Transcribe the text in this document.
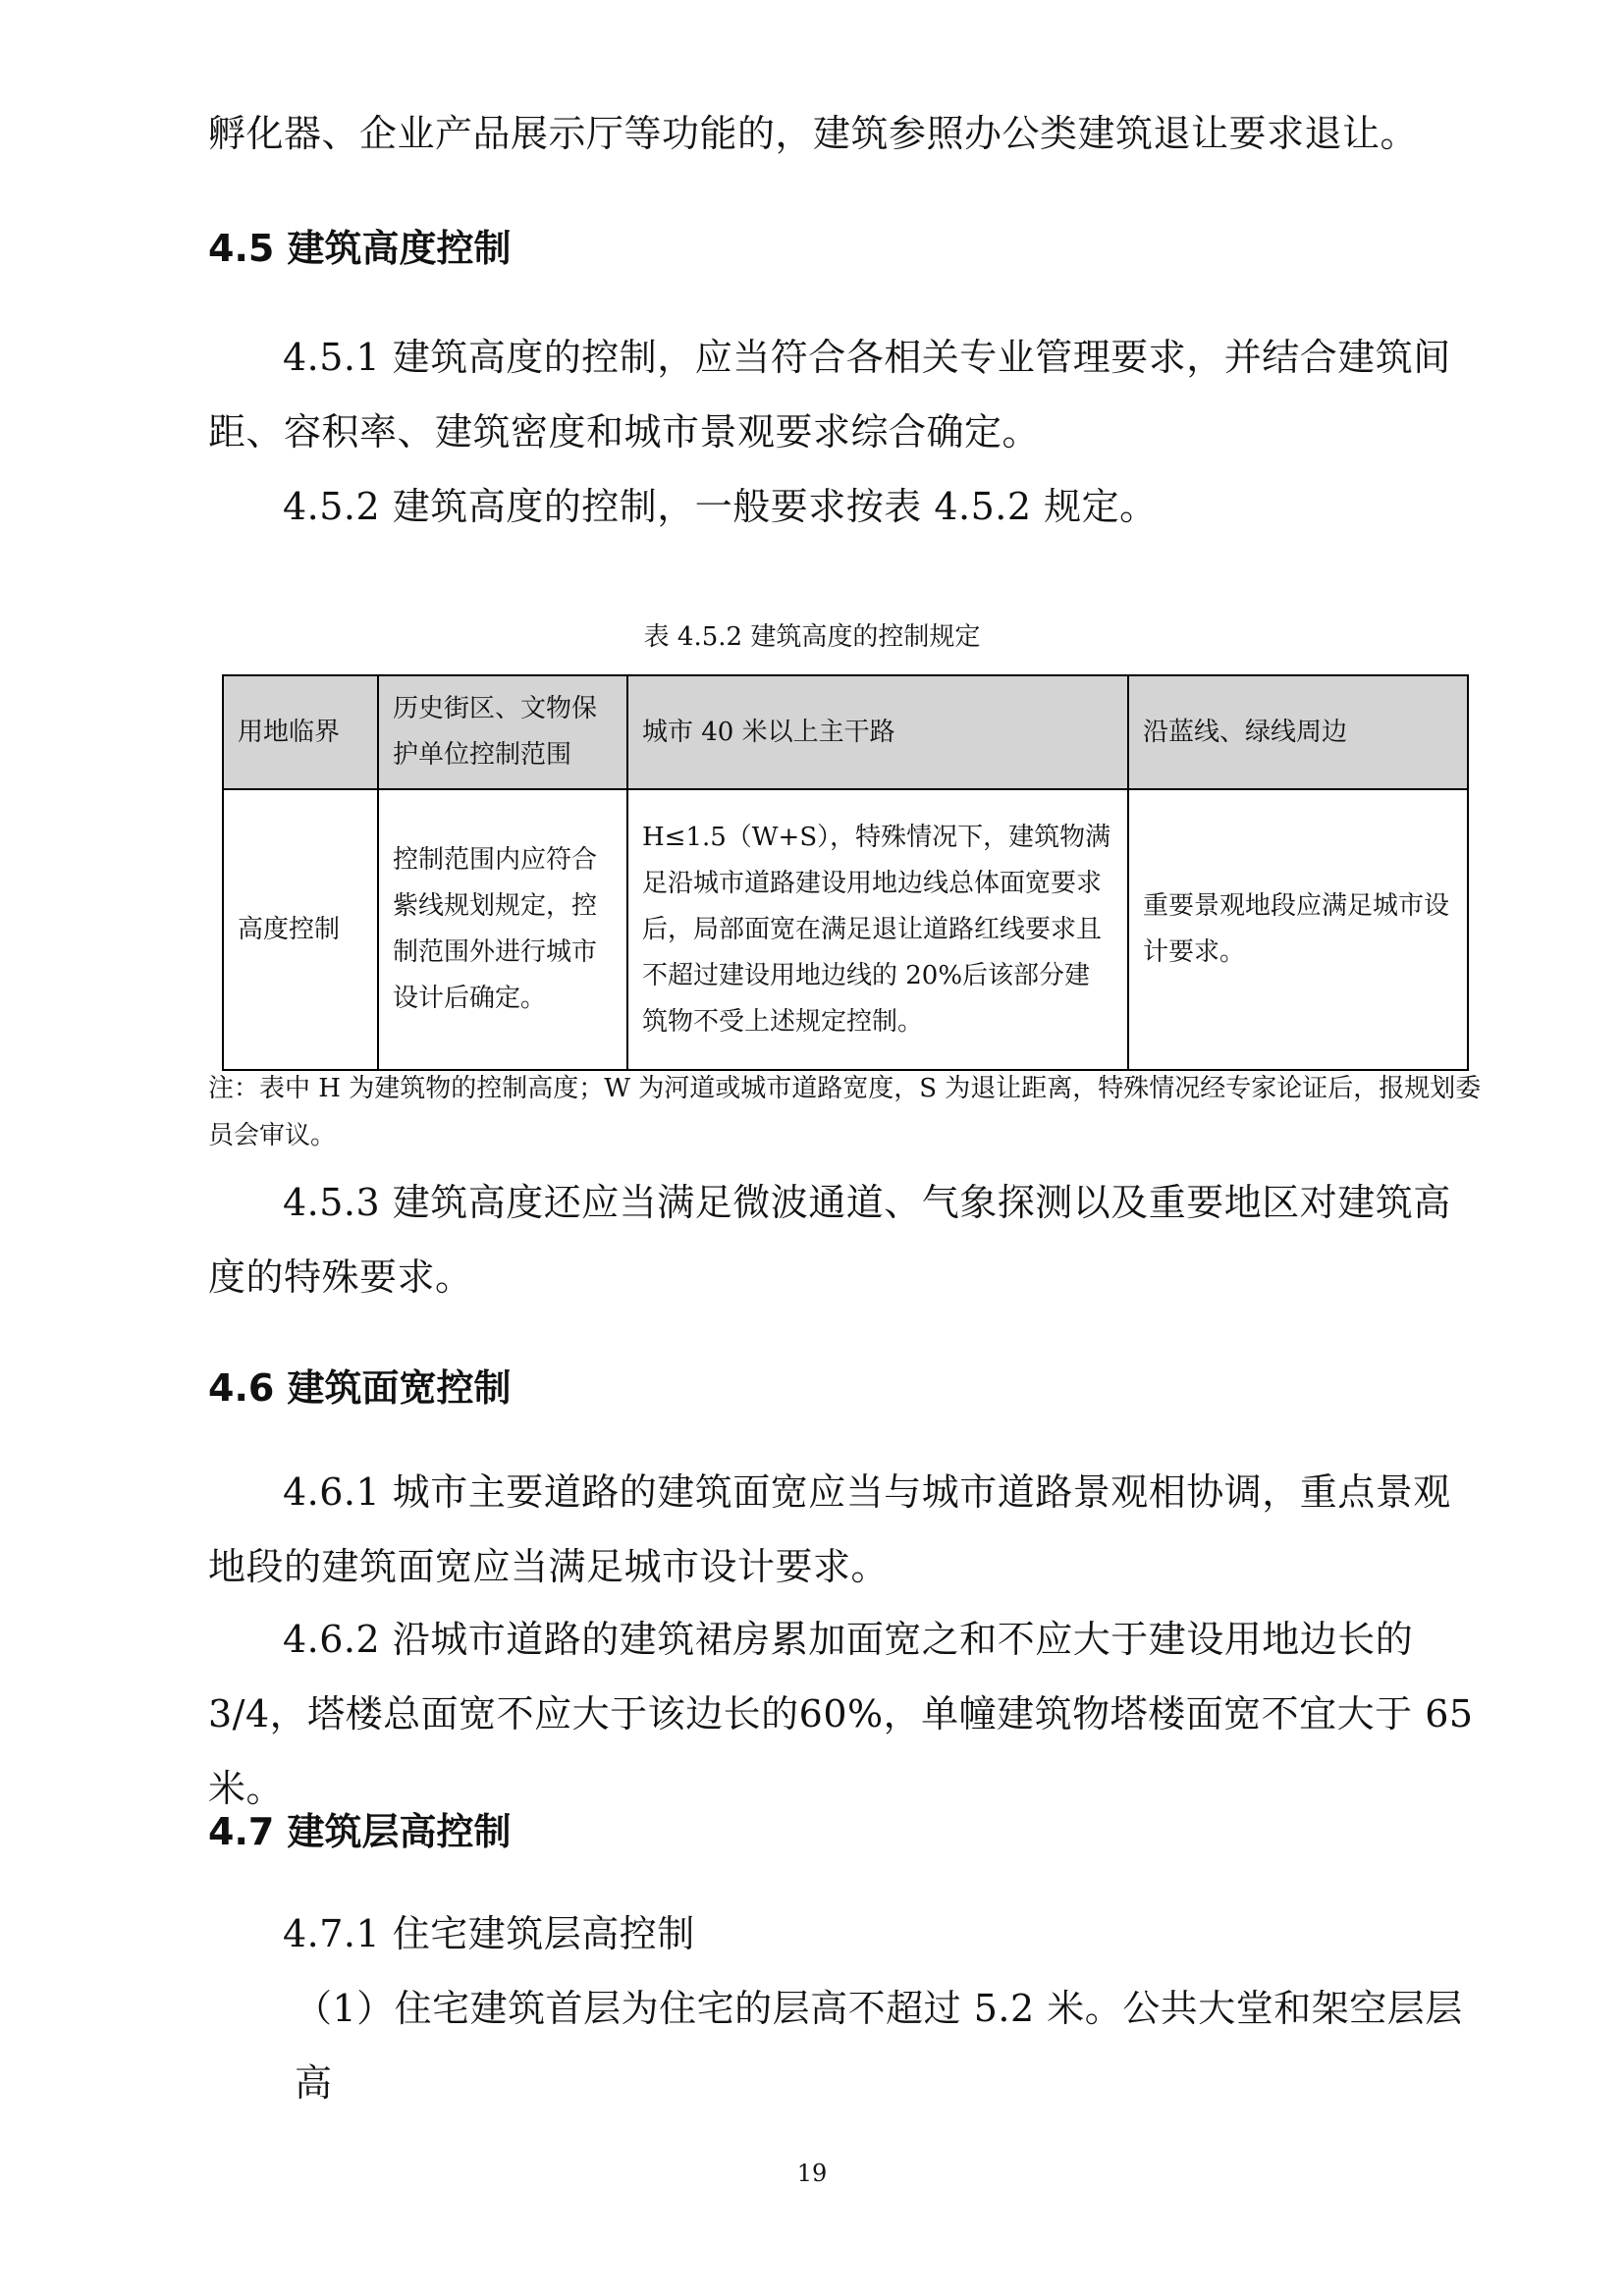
孵化器、企业产品展示厅等功能的，建筑参照办公类建筑退让要求退让。

4.5 建筑高度控制

4.5.1 建筑高度的控制，应当符合各相关专业管理要求，并结合建筑间距、容积率、建筑密度和城市景观要求综合确定。

4.5.2 建筑高度的控制，一般要求按表 4.5.2 规定。

表 4.5.2 建筑高度的控制规定

用地临界	历史街区、文物保护单位控制范围	城市 40 米以上主干路	沿蓝线、绿线周边
高度控制	控制范围内应符合紫线规划规定，控制范围外进行城市设计后确定。	H≤1.5（W+S），特殊情况下，建筑物满足沿城市道路建设用地边线总体面宽要求后，局部面宽在满足退让道路红线要求且不超过建设用地边线的 20%后该部分建筑物不受上述规定控制。	重要景观地段应满足城市设计要求。

注：表中 H 为建筑物的控制高度；W 为河道或城市道路宽度，S 为退让距离，特殊情况经专家论证后，报规划委员会审议。

4.5.3 建筑高度还应当满足微波通道、气象探测以及重要地区对建筑高度的特殊要求。

4.6 建筑面宽控制

4.6.1 城市主要道路的建筑面宽应当与城市道路景观相协调，重点景观地段的建筑面宽应当满足城市设计要求。

4.6.2 沿城市道路的建筑裙房累加面宽之和不应大于建设用地边长的3/4，塔楼总面宽不应大于该边长的60%，单幢建筑物塔楼面宽不宜大于 65 米。

4.7 建筑层高控制

4.7.1 住宅建筑层高控制

（1）住宅建筑首层为住宅的层高不超过 5.2 米。公共大堂和架空层层高

19
